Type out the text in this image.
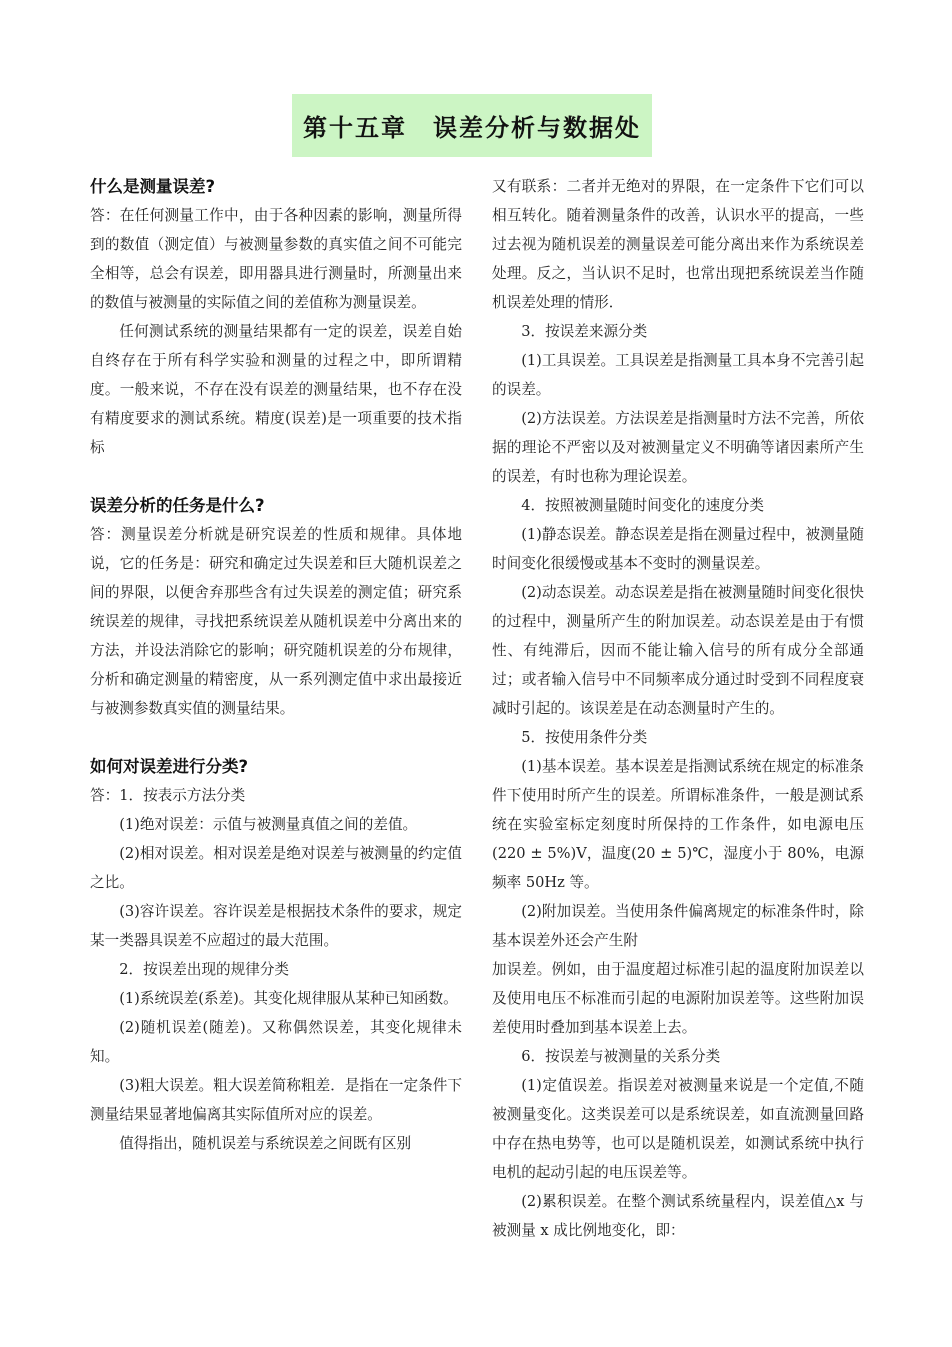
第十五章　误差分析与数据处
什么是测量误差?

答：在任何测量工作中，由于各种因素的影响，测量所得到的数值（测定值）与被测量参数的真实值之间不可能完全相等，总会有误差，即用器具进行测量时，所测量出来的数值与被测量的实际值之间的差值称为测量误差。

任何测试系统的测量结果都有一定的误差，误差自始自终存在于所有科学实验和测量的过程之中，即所谓精度。一般来说，不存在没有误差的测量结果，也不存在没有精度要求的测试系统。精度(误差)是一项重要的技术指标

误差分析的任务是什么?

答：测量误差分析就是研究误差的性质和规律。具体地说，它的任务是：研究和确定过失误差和巨大随机误差之间的界限，以便舍弃那些含有过失误差的测定值；研究系统误差的规律，寻找把系统误差从随机误差中分离出来的方法，并设法消除它的影响；研究随机误差的分布规律，分析和确定测量的精密度，从一系列测定值中求出最接近与被测参数真实值的测量结果。

如何对误差进行分类?

答：1．按表示方法分类

(1)绝对误差：示值与被测量真值之间的差值。

(2)相对误差。相对误差是绝对误差与被测量的约定值之比。

(3)容许误差。容许误差是根据技术条件的要求，规定某一类器具误差不应超过的最大范围。

2．按误差出现的规律分类

(1)系统误差(系差)。其变化规律服从某种已知函数。

(2)随机误差(随差)。又称偶然误差，其变化规律未知。

(3)粗大误差。粗大误差简称粗差．是指在一定条件下测量结果显著地偏离其实际值所对应的误差。

值得指出，随机误差与系统误差之间既有区别

又有联系：二者并无绝对的界限，在一定条件下它们可以相互转化。随着测量条件的改善，认识水平的提高，一些过去视为随机误差的测量误差可能分离出来作为系统误差处理。反之，当认识不足时，也常出现把系统误差当作随机误差处理的情形．

3．按误差来源分类

(1)工具误差。工具误差是指测量工具本身不完善引起的误差。

(2)方法误差。方法误差是指测量时方法不完善，所依据的理论不严密以及对被测量定义不明确等诸因素所产生的误差，有时也称为理论误差。

4．按照被测量随时间变化的速度分类

(1)静态误差。静态误差是指在测量过程中，被测量随时间变化很缓慢或基本不变时的测量误差。

(2)动态误差。动态误差是指在被测量随时间变化很快的过程中，测量所产生的附加误差。动态误差是由于有惯性、有纯滞后，因而不能让输入信号的所有成分全部通过；或者输入信号中不同频率成分通过时受到不同程度衰减时引起的。该误差是在动态测量时产生的。

5．按使用条件分类

(1)基本误差。基本误差是指测试系统在规定的标准条件下使用时所产生的误差。所谓标准条件，一般是测试系统在实验室标定刻度时所保持的工作条件，如电源电压(220 ± 5%)V，温度(20 ± 5)℃，湿度小于 80%，电源频率 50Hz 等。

(2)附加误差。当使用条件偏离规定的标准条件时，除基本误差外还会产生附

加误差。例如，由于温度超过标准引起的温度附加误差以及使用电压不标准而引起的电源附加误差等。这些附加误差使用时叠加到基本误差上去。

6．按误差与被测量的关系分类

(1)定值误差。指误差对被测量来说是一个定值,不随被测量变化。这类误差可以是系统误差，如直流测量回路中存在热电势等，也可以是随机误差，如测试系统中执行电机的起动引起的电压误差等。

(2)累积误差。在整个测试系统量程内，误差值△x 与被测量 x 成比例地变化，即：
